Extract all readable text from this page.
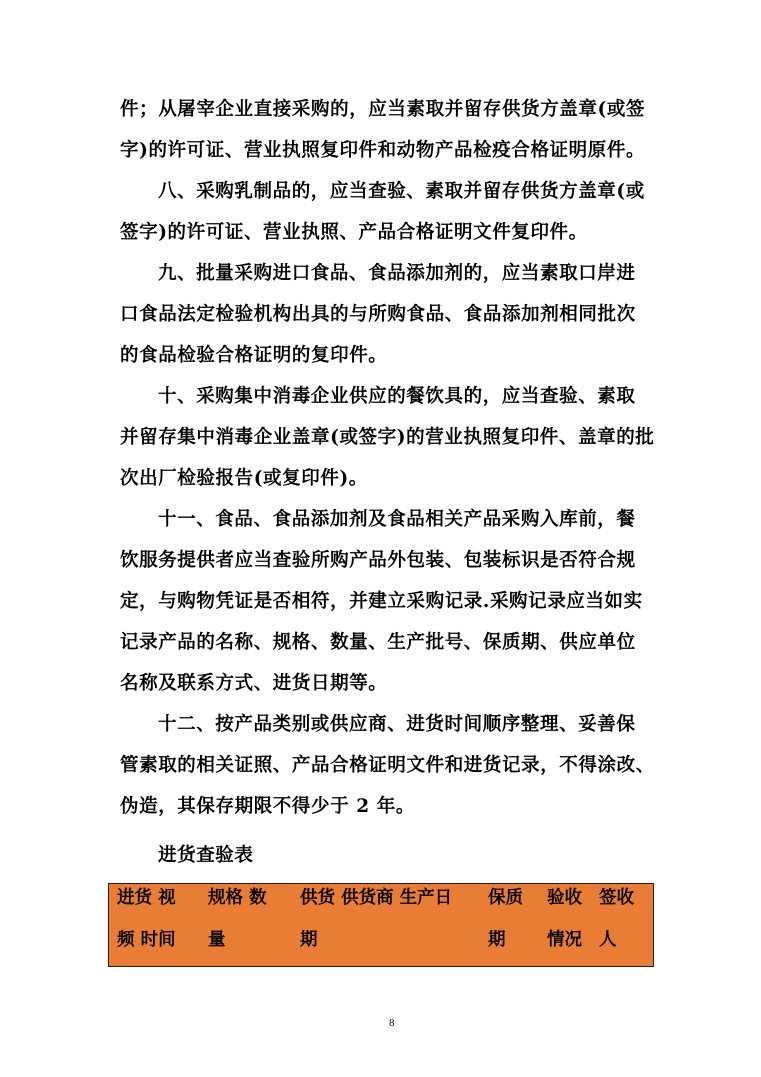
件；从屠宰企业直接采购的，应当素取并留存供货方盖章(或签
字)的许可证、营业执照复印件和动物产品检疫合格证明原件。
八、采购乳制品的，应当查验、素取并留存供货方盖章(或
签字)的许可证、营业执照、产品合格证明文件复印件。
九、批量采购进口食品、食品添加剂的，应当素取口岸进
口食品法定检验机构出具的与所购食品、食品添加剂相同批次
的食品检验合格证明的复印件。
十、采购集中消毒企业供应的餐饮具的，应当查验、素取
并留存集中消毒企业盖章(或签字)的营业执照复印件、盖章的批
次出厂检验报告(或复印件)。
十一、食品、食品添加剂及食品相关产品采购入库前，餐
饮服务提供者应当查验所购产品外包装、包装标识是否符合规
定，与购物凭证是否相符，并建立采购记录.采购记录应当如实
记录产品的名称、规格、数量、生产批号、保质期、供应单位
名称及联系方式、进货日期等。
十二、按产品类别或供应商、进货时间顺序整理、妥善保
管素取的相关证照、产品合格证明文件和进货记录，不得涂改、
伪造，其保存期限不得少于 2 年。
进货查验表
进货 视
频 时间
规格 数
量
供货 供货商 生产日
期
保质
期
验收
情况
签收
人
8
